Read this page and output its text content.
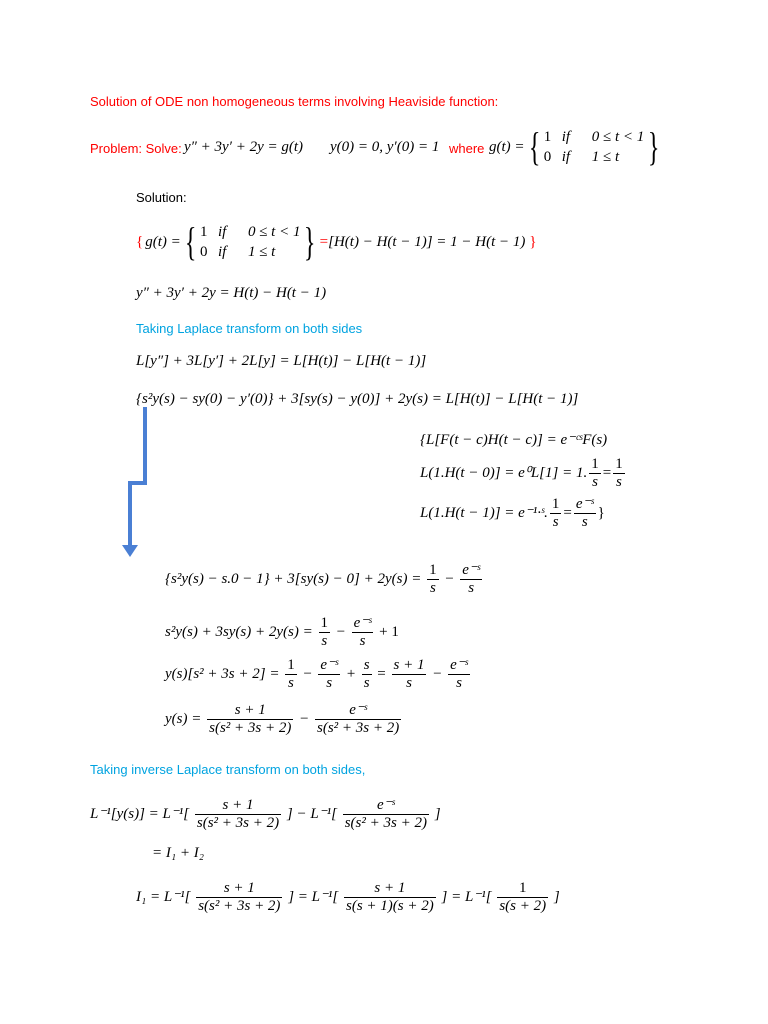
Solution of ODE non homogeneous terms involving Heaviside function:
Problem: Solve: y″ + 3y′ + 2y = g(t) y(0) = 0, y′(0) = 1 where g(t) = { 1 if 0 ≤ t < 1
0 if 1 ≤ t }
Solution:
{ g(t) = { 1 if 0 ≤ t < 1
0 if 1 ≤ t } = [H(t) − H(t − 1)] = 1 − H(t − 1) }
y″ + 3y′ + 2y = H(t) − H(t − 1)
Taking Laplace transform on both sides
L[y″] + 3L[y′] + 2L[y] = L[H(t)] − L[H(t − 1)]
{s²y(s) − sy(0) − y′(0)} + 3[sy(s) − y(0)] + 2y(s) = L[H(t)] − L[H(t − 1)]
{L[F(t − c)H(t − c)] = e⁻ᶜˢF(s)
L(1.H(t − 0)] = e⁰L[1] = 1. $\frac{1}{s} = \frac{1}{s}$
L(1.H(t − 1)] = e⁻¹·ˢ. $\frac{1}{s} = \frac{\text{e⁻ˢ}}{s}$ }
$\{s^2y(s) - s.0 - 1\} + 3[sy(s) - 0] + 2y(s) = \frac{1}{s} - \frac{\text{e⁻ˢ}}{s}$
$s^2y(s) + 3sy(s) + 2y(s) = \frac{1}{s} - \frac{\text{e⁻ˢ}}{s} + 1$
$y(s)[s^2 + 3s + 2] = \frac{1}{s} - \frac{\text{e⁻ˢ}}{s} + \frac{s}{s} = \frac{s + 1}{s} - \frac{\text{e⁻ˢ}}{s}$
$y(s) = \frac{s + 1}{\text{s(s² + 3s + 2)}} - \frac{\text{e⁻ˢ}}{\text{s(s² + 3s + 2)}}$
Taking inverse Laplace transform on both sides,
$L^{-1}[y(s)] = L^{-1}[ \frac{s + 1}{\text{s(s² + 3s + 2)}}$ ] − $L^{-1}[ \frac{\text{e⁻ˢ}}{\text{s(s² + 3s + 2)}}$ ]
= I₁ + I₂
$I_1 = L^{-1}[ \frac{s + 1}{\text{s(s² + 3s + 2)}}$ ] = $L^{-1}[ \frac{s + 1}{s(s + 1)(s + 2)}$ ] = $L^{-1}[ \frac{1}{s(s + 2)}$ ]
